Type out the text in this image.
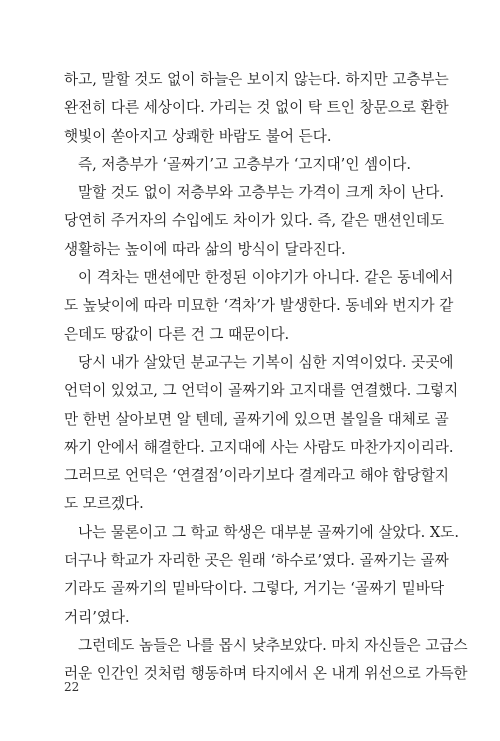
하고, 말할 것도 없이 하늘은 보이지 않는다. 하지만 고층부는
완전히 다른 세상이다. 가리는 것 없이 탁 트인 창문으로 환한
햇빛이 쏟아지고 상쾌한 바람도 불어 든다.
즉, 저층부가 ‘골짜기’고 고층부가 ‘고지대’인 셈이다.
말할 것도 없이 저층부와 고층부는 가격이 크게 차이 난다.
당연히 주거자의 수입에도 차이가 있다. 즉, 같은 맨션인데도
생활하는 높이에 따라 삶의 방식이 달라진다.
이 격차는 맨션에만 한정된 이야기가 아니다. 같은 동네에서
도 높낮이에 따라 미묘한 ‘격차’가 발생한다. 동네와 번지가 같
은데도 땅값이 다른 건 그 때문이다.
당시 내가 살았던 분교구는 기복이 심한 지역이었다. 곳곳에
언덕이 있었고, 그 언덕이 골짜기와 고지대를 연결했다. 그렇지
만 한번 살아보면 알 텐데, 골짜기에 있으면 볼일을 대체로 골
짜기 안에서 해결한다. 고지대에 사는 사람도 마찬가지이리라.
그러므로 언덕은 ‘연결점’이라기보다 결계라고 해야 합당할지
도 모르겠다.
나는 물론이고 그 학교 학생은 대부분 골짜기에 살았다. X도.
더구나 학교가 자리한 곳은 원래 ‘하수로’였다. 골짜기는 골짜
기라도 골짜기의 밑바닥이다. 그렇다, 거기는 ‘골짜기 밑바닥
거리’였다.
그런데도 놈들은 나를 몹시 낮추보았다. 마치 자신들은 고급스
러운 인간인 것처럼 행동하며 타지에서 온 내게 위선으로 가득한
22
